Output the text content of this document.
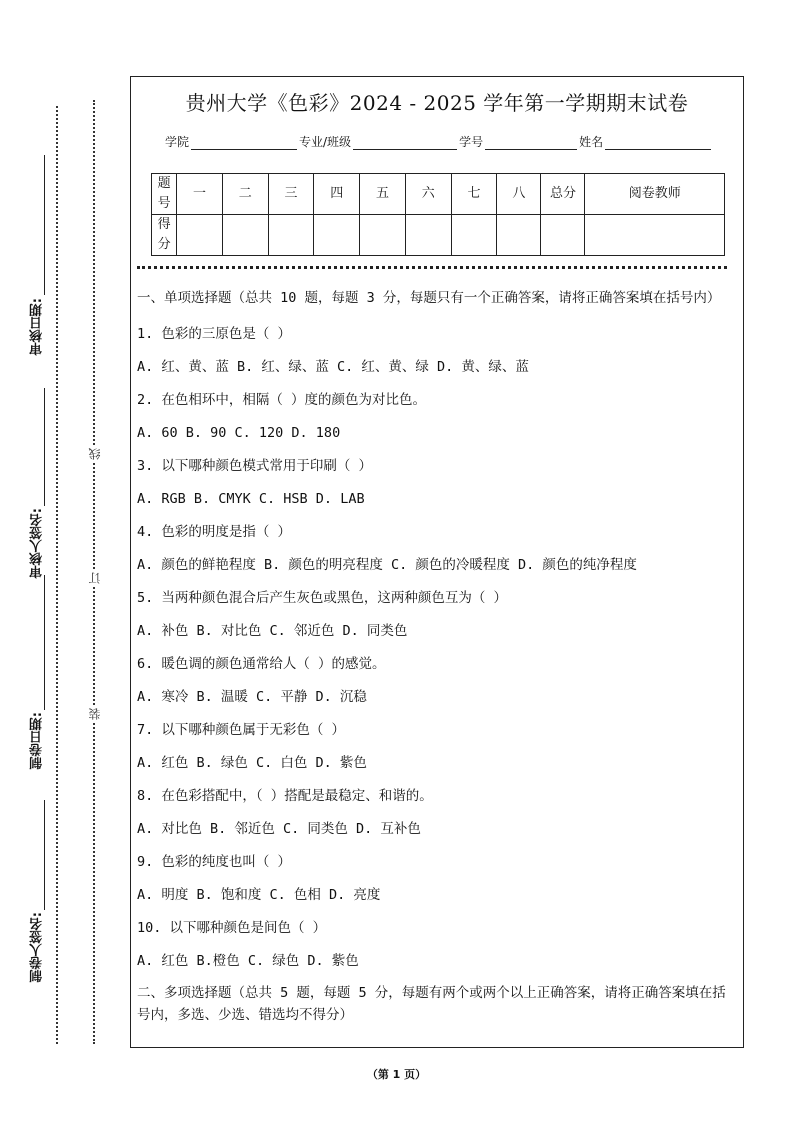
审核日期:
审核人签名:
制卷日期:
制卷人签名:
线
订
装
贵州大学《色彩》2024 - 2025 学年第一学期期末试卷
学院	专业/班级	学号	姓名
题号	一	二	三	四	五	六	七	八	总分	阅卷教师
得分										

一、单项选择题（总共 10 题，每题 3 分，每题只有一个正确答案，请将正确答案填在括号内）

1. 色彩的三原色是（ ）

A. 红、黄、蓝 B. 红、绿、蓝 C. 红、黄、绿 D. 黄、绿、蓝

2. 在色相环中，相隔（ ）度的颜色为对比色。

A. 60 B. 90 C. 120 D. 180

3. 以下哪种颜色模式常用于印刷（ ）

A. RGB B. CMYK C. HSB D. LAB

4. 色彩的明度是指（ ）

A. 颜色的鲜艳程度 B. 颜色的明亮程度 C. 颜色的冷暖程度 D. 颜色的纯净程度

5. 当两种颜色混合后产生灰色或黑色，这两种颜色互为（ ）

A. 补色 B. 对比色 C. 邻近色 D. 同类色

6. 暖色调的颜色通常给人（ ）的感觉。

A. 寒冷 B. 温暖 C. 平静 D. 沉稳

7. 以下哪种颜色属于无彩色（ ）

A. 红色 B. 绿色 C. 白色 D. 紫色

8. 在色彩搭配中，（ ）搭配是最稳定、和谐的。

A. 对比色 B. 邻近色 C. 同类色 D. 互补色

9. 色彩的纯度也叫（ ）

A. 明度 B. 饱和度 C. 色相 D. 亮度

10. 以下哪种颜色是间色（ ）

A. 红色 B.橙色 C. 绿色 D. 紫色

二、多项选择题（总共 5 题，每题 5 分，每题有两个或两个以上正确答案，请将正确答案填在括号内，多选、少选、错选均不得分）

（第 1 页）
